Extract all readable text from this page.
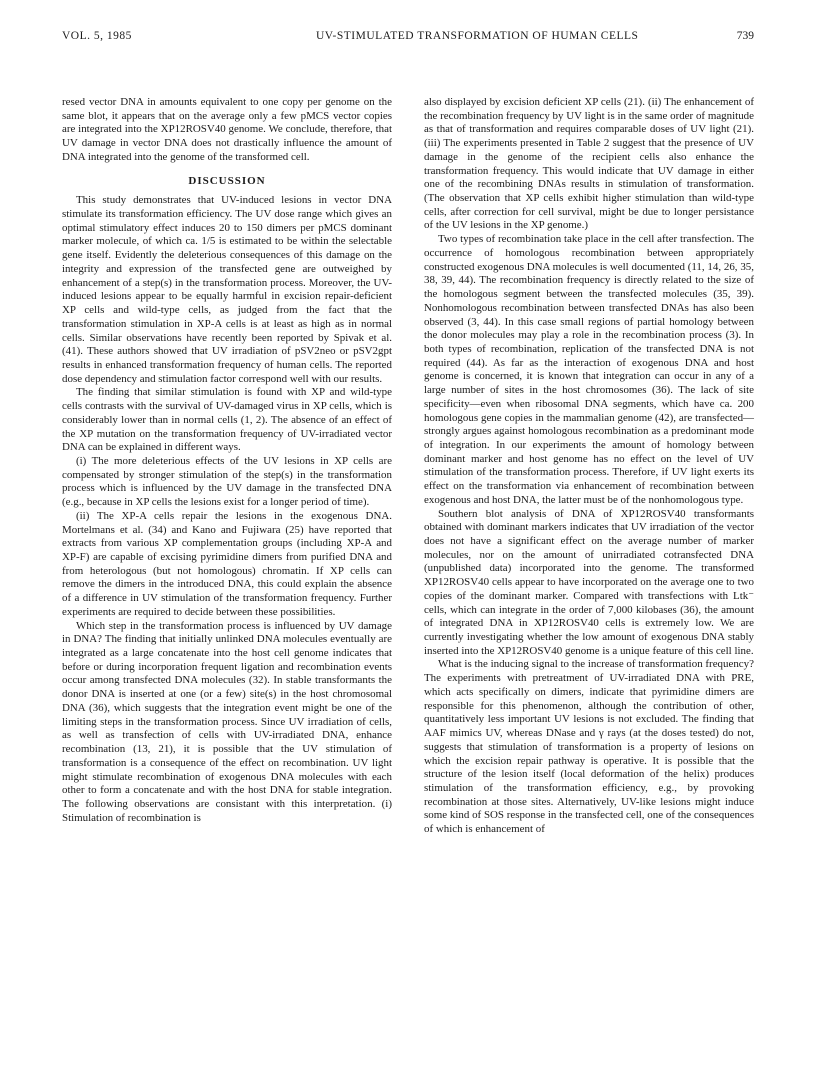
VOL. 5, 1985	UV-STIMULATED TRANSFORMATION OF HUMAN CELLS	739

resed vector DNA in amounts equivalent to one copy per genome on the same blot, it appears that on the average only a few pMCS vector copies are integrated into the XP12ROSV40 genome. We conclude, therefore, that UV damage in vector DNA does not drastically influence the amount of DNA integrated into the genome of the transformed cell.

DISCUSSION

This study demonstrates that UV-induced lesions in vector DNA stimulate its transformation efficiency. The UV dose range which gives an optimal stimulatory effect induces 20 to 150 dimers per pMCS dominant marker molecule, of which ca. 1/5 is estimated to be within the selectable gene itself. Evidently the deleterious consequences of this damage on the integrity and expression of the transfected gene are outweighed by enhancement of a step(s) in the transformation process. Moreover, the UV-induced lesions appear to be equally harmful in excision repair-deficient XP cells and wild-type cells, as judged from the fact that the transformation stimulation in XP-A cells is at least as high as in normal cells. Similar observations have recently been reported by Spivak et al. (41). These authors showed that UV irradiation of pSV2neo or pSV2gpt results in enhanced transformation frequency of human cells. The reported dose dependency and stimulation factor correspond well with our results.

The finding that similar stimulation is found with XP and wild-type cells contrasts with the survival of UV-damaged virus in XP cells, which is considerably lower than in normal cells (1, 2). The absence of an effect of the XP mutation on the transformation frequency of UV-irradiated vector DNA can be explained in different ways.

(i) The more deleterious effects of the UV lesions in XP cells are compensated by stronger stimulation of the step(s) in the transformation process which is influenced by the UV damage in the transfected DNA (e.g., because in XP cells the lesions exist for a longer period of time).

(ii) The XP-A cells repair the lesions in the exogenous DNA. Mortelmans et al. (34) and Kano and Fujiwara (25) have reported that extracts from various XP complementation groups (including XP-A and XP-F) are capable of excising pyrimidine dimers from purified DNA and from heterologous (but not homologous) chromatin. If XP cells can remove the dimers in the introduced DNA, this could explain the absence of a difference in UV stimulation of the transformation frequency. Further experiments are required to decide between these possibilities.

Which step in the transformation process is influenced by UV damage in DNA? The finding that initially unlinked DNA molecules eventually are integrated as a large concatenate into the host cell genome indicates that before or during incorporation frequent ligation and recombination events occur among transfected DNA molecules (32). In stable transformants the donor DNA is inserted at one (or a few) site(s) in the host chromosomal DNA (36), which suggests that the integration event might be one of the limiting steps in the transformation process. Since UV irradiation of cells, as well as transfection of cells with UV-irradiated DNA, enhance recombination (13, 21), it is possible that the UV stimulation of transformation is a consequence of the effect on recombination. UV light might stimulate recombination of exogenous DNA molecules with each other to form a concatenate and with the host DNA for stable integration. The following observations are consistant with this interpretation. (i) Stimulation of recombination is

also displayed by excision deficient XP cells (21). (ii) The enhancement of the recombination frequency by UV light is in the same order of magnitude as that of transformation and requires comparable doses of UV light (21). (iii) The experiments presented in Table 2 suggest that the presence of UV damage in the genome of the recipient cells also enhance the transformation frequency. This would indicate that UV damage in either one of the recombining DNAs results in stimulation of transformation. (The observation that XP cells exhibit higher stimulation than wild-type cells, after correction for cell survival, might be due to longer persistance of the UV lesions in the XP genome.)

Two types of recombination take place in the cell after transfection. The occurrence of homologous recombination between appropriately constructed exogenous DNA molecules is well documented (11, 14, 26, 35, 38, 39, 44). The recombination frequency is directly related to the size of the homologous segment between the transfected molecules (35, 39). Nonhomologous recombination between transfected DNAs has also been observed (3, 44). In this case small regions of partial homology between the donor molecules may play a role in the recombination process (3). In both types of recombination, replication of the transfected DNA is not required (44). As far as the interaction of exogenous DNA and host genome is concerned, it is known that integration can occur in any of a large number of sites in the host chromosomes (36). The lack of site specificity—even when ribosomal DNA segments, which have ca. 200 homologous gene copies in the mammalian genome (42), are transfected—strongly argues against homologous recombination as a predominant mode of integration. In our experiments the amount of homology between dominant marker and host genome has no effect on the level of UV stimulation of the transformation process. Therefore, if UV light exerts its effect on the transformation via enhancement of recombination between exogenous and host DNA, the latter must be of the nonhomologous type.

Southern blot analysis of DNA of XP12ROSV40 transformants obtained with dominant markers indicates that UV irradiation of the vector does not have a significant effect on the average number of marker molecules, nor on the amount of unirradiated cotransfected DNA (unpublished data) incorporated into the genome. The transformed XP12ROSV40 cells appear to have incorporated on the average one to two copies of the dominant marker. Compared with transfections with Ltk⁻ cells, which can integrate in the order of 7,000 kilobases (36), the amount of integrated DNA in XP12ROSV40 cells is extremely low. We are currently investigating whether the low amount of exogenous DNA stably inserted into the XP12ROSV40 genome is a unique feature of this cell line.

What is the inducing signal to the increase of transformation frequency? The experiments with pretreatment of UV-irradiated DNA with PRE, which acts specifically on dimers, indicate that pyrimidine dimers are responsible for this phenomenon, although the contribution of other, quantitatively less important UV lesions is not excluded. The finding that AAF mimics UV, whereas DNase and γ rays (at the doses tested) do not, suggests that stimulation of transformation is a property of lesions on which the excision repair pathway is operative. It is possible that the structure of the lesion itself (local deformation of the helix) produces stimulation of the transformation efficiency, e.g., by provoking recombination at those sites. Alternatively, UV-like lesions might induce some kind of SOS response in the transfected cell, one of the consequences of which is enhancement of
